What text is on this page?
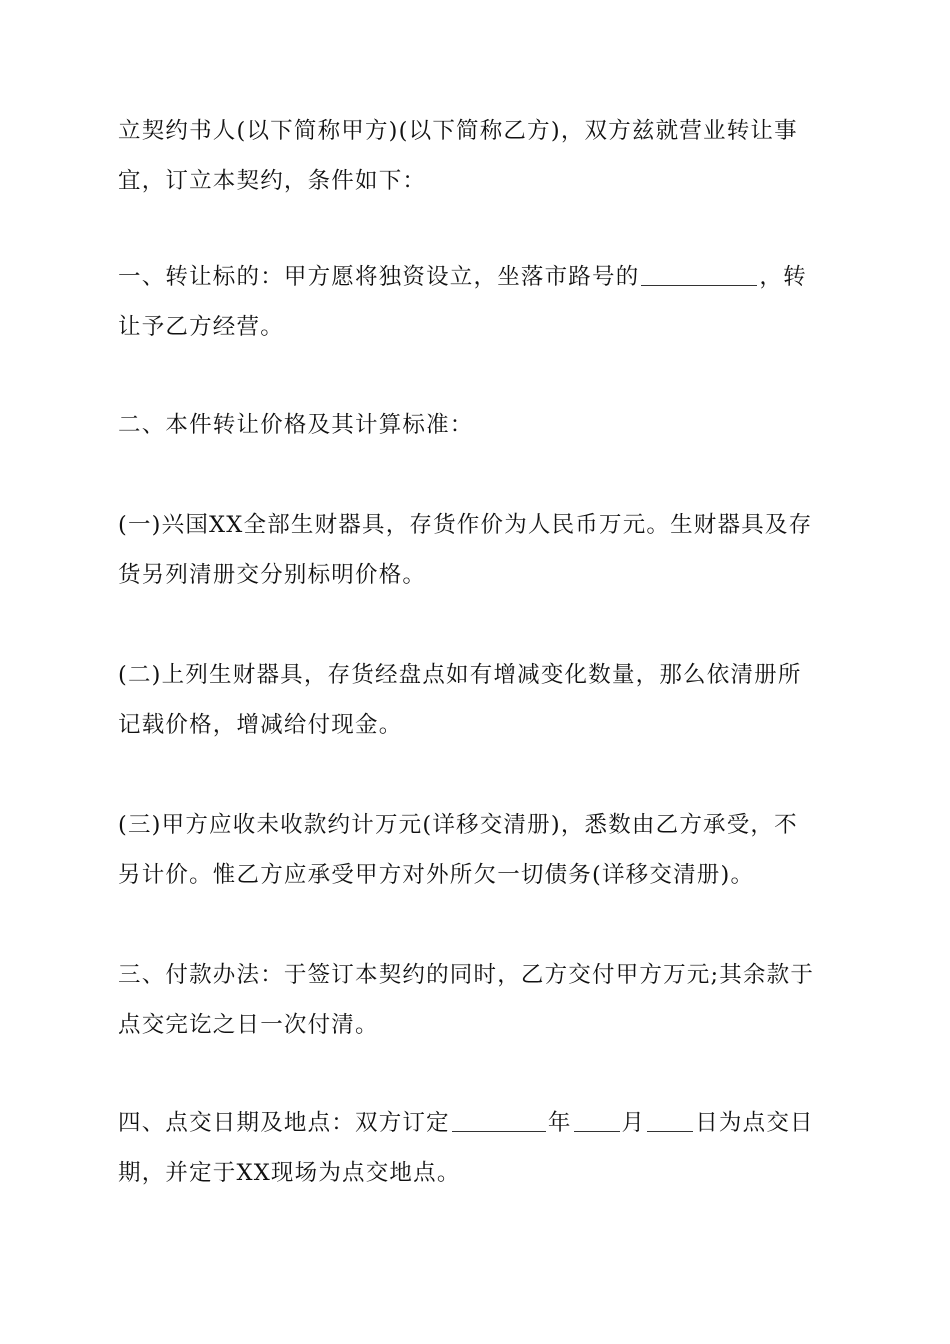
立契约书人(以下简称甲方)(以下简称乙方)，双方兹就营业转让事
宜，订立本契约，条件如下：
一、转让标的：甲方愿将独资设立，坐落市路号的	，转
让予乙方经营。
二、本件转让价格及其计算标准：
(一)兴国XX全部生财器具，存货作价为人民币万元。生财器具及存
货另列清册交分别标明价格。
(二)上列生财器具，存货经盘点如有增减变化数量，那么依清册所
记载价格，增减给付现金。
(三)甲方应收未收款约计万元(详移交清册)，悉数由乙方承受，不
另计价。惟乙方应承受甲方对外所欠一切债务(详移交清册)。
三、付款办法：于签订本契约的同时，乙方交付甲方万元;其余款于
点交完讫之日一次付清。
四、点交日期及地点：双方订定	年 月 日为点交日
期，并定于XX现场为点交地点。
